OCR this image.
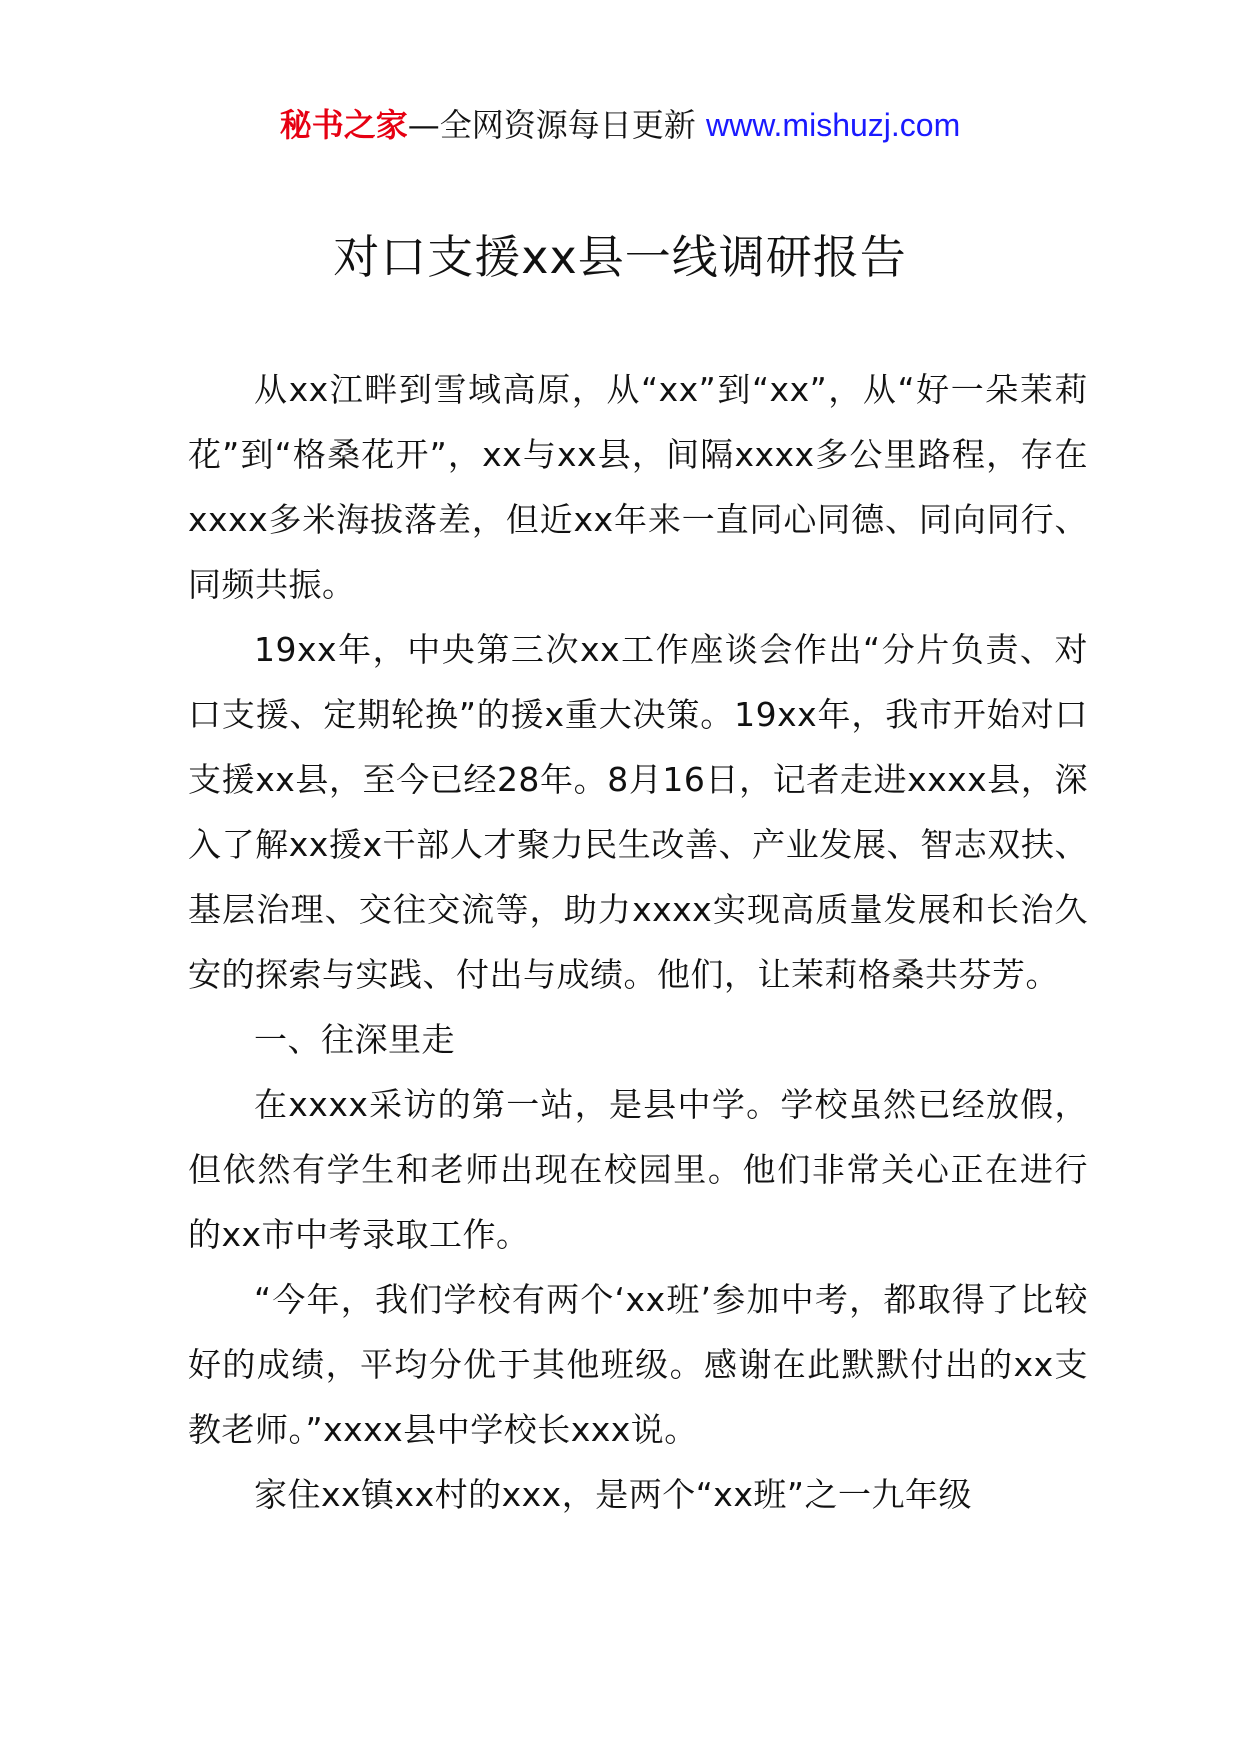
秘书之家—全网资源每日更新 www.mishuzj.com
对口支援xx县一线调研报告

从xx江畔到雪域高原，从“xx”到“xx”，从“好一朵茉莉花”到“格桑花开”，xx与xx县，间隔xxxx多公里路程，存在xxxx多米海拔落差，但近xx年来一直同心同德、同向同行、同频共振。

19xx年，中央第三次xx工作座谈会作出“分片负责、对口支援、定期轮换”的援x重大决策。19xx年，我市开始对口支援xx县，至今已经28年。8月16日，记者走进xxxx县，深入了解xx援x干部人才聚力民生改善、产业发展、智志双扶、基层治理、交往交流等，助力xxxx实现高质量发展和长治久安的探索与实践、付出与成绩。他们，让茉莉格桑共芬芳。

一、往深里走

在xxxx采访的第一站，是县中学。学校虽然已经放假，但依然有学生和老师出现在校园里。他们非常关心正在进行的xx市中考录取工作。

“今年，我们学校有两个‘xx班’参加中考，都取得了比较好的成绩，平均分优于其他班级。感谢在此默默付出的xx支教老师。”xxxx县中学校长xxx说。

家住xx镇xx村的xxx，是两个“xx班”之一九年级
